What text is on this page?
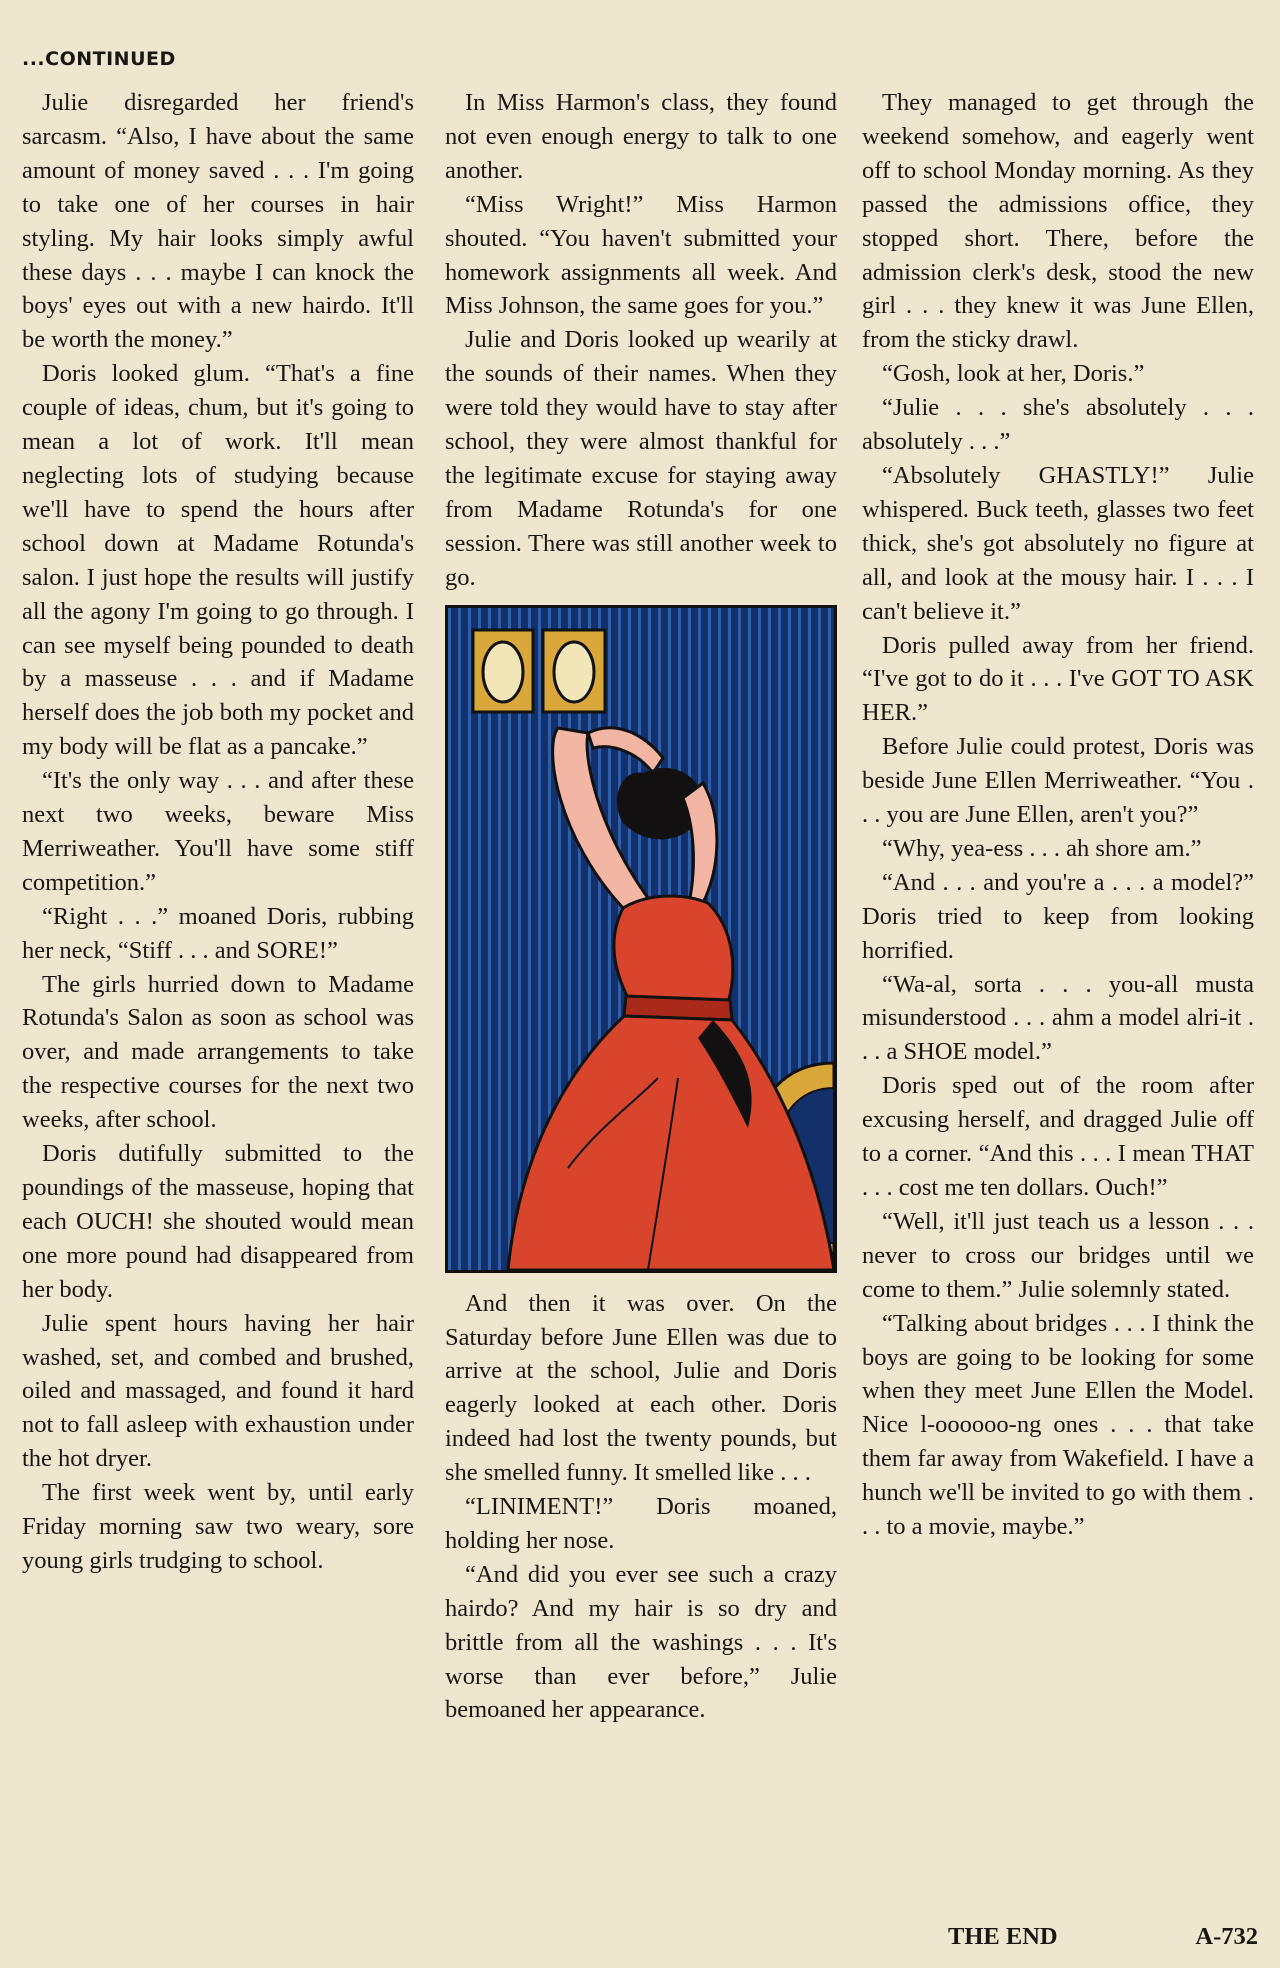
...CONTINUED

Julie disregarded her friend's sarcasm. “Also, I have about the same amount of money saved . . . I'm going to take one of her courses in hair styling. My hair looks simply awful these days . . . maybe I can knock the boys' eyes out with a new hairdo. It'll be worth the money.”

Doris looked glum. “That's a fine couple of ideas, chum, but it's going to mean a lot of work. It'll mean neglecting lots of studying because we'll have to spend the hours after school down at Madame Rotunda's salon. I just hope the results will justify all the agony I'm going to go through. I can see myself being pounded to death by a masseuse . . . and if Madame herself does the job both my pocket and my body will be flat as a pancake.”

“It's the only way . . . and after these next two weeks, beware Miss Merriweather. You'll have some stiff competition.”

“Right . . .” moaned Doris, rubbing her neck, “Stiff . . . and SORE!”

The girls hurried down to Madame Rotunda's Salon as soon as school was over, and made arrangements to take the respective courses for the next two weeks, after school.

Doris dutifully submitted to the poundings of the masseuse, hoping that each OUCH! she shouted would mean one more pound had disappeared from her body.

Julie spent hours having her hair washed, set, and combed and brushed, oiled and massaged, and found it hard not to fall asleep with exhaustion under the hot dryer.

The first week went by, until early Friday morning saw two weary, sore young girls trudging to school.

In Miss Harmon's class, they found not even enough energy to talk to one another.

“Miss Wright!” Miss Harmon shouted. “You haven't submitted your homework assignments all week. And Miss Johnson, the same goes for you.”

Julie and Doris looked up wearily at the sounds of their names. When they were told they would have to stay after school, they were almost thankful for the legitimate excuse for staying away from Madame Rotunda's for one session. There was still another week to go.

And then it was over. On the Saturday before June Ellen was due to arrive at the school, Julie and Doris eagerly looked at each other. Doris indeed had lost the twenty pounds, but she smelled funny. It smelled like . . .

“LINIMENT!” Doris moaned, holding her nose.

“And did you ever see such a crazy hairdo? And my hair is so dry and brittle from all the washings . . . It's worse than ever before,” Julie bemoaned her appearance.

They managed to get through the weekend somehow, and eagerly went off to school Monday morning. As they passed the admissions office, they stopped short. There, before the admission clerk's desk, stood the new girl . . . they knew it was June Ellen, from the sticky drawl.

“Gosh, look at her, Doris.”

“Julie . . . she's absolutely . . . absolutely . . .”

“Absolutely GHASTLY!” Julie whispered. Buck teeth, glasses two feet thick, she's got absolutely no figure at all, and look at the mousy hair. I . . . I can't believe it.”

Doris pulled away from her friend. “I've got to do it . . . I've GOT TO ASK HER.”

Before Julie could protest, Doris was beside June Ellen Merriweather. “You . . . you are June Ellen, aren't you?”

“Why, yea-ess . . . ah shore am.”

“And . . . and you're a . . . a model?” Doris tried to keep from looking horrified.

“Wa-al, sorta . . . you-all musta misunderstood . . . ahm a model alri-it . . . a SHOE model.”

Doris sped out of the room after excusing herself, and dragged Julie off to a corner. “And this . . . I mean THAT . . . cost me ten dollars. Ouch!”

“Well, it'll just teach us a lesson . . . never to cross our bridges until we come to them.” Julie solemnly stated.

“Talking about bridges . . . I think the boys are going to be looking for some when they meet June Ellen the Model. Nice l-oooooo-ng ones . . . that take them far away from Wakefield. I have a hunch we'll be invited to go with them . . . to a movie, maybe.”

THE END	A-732
